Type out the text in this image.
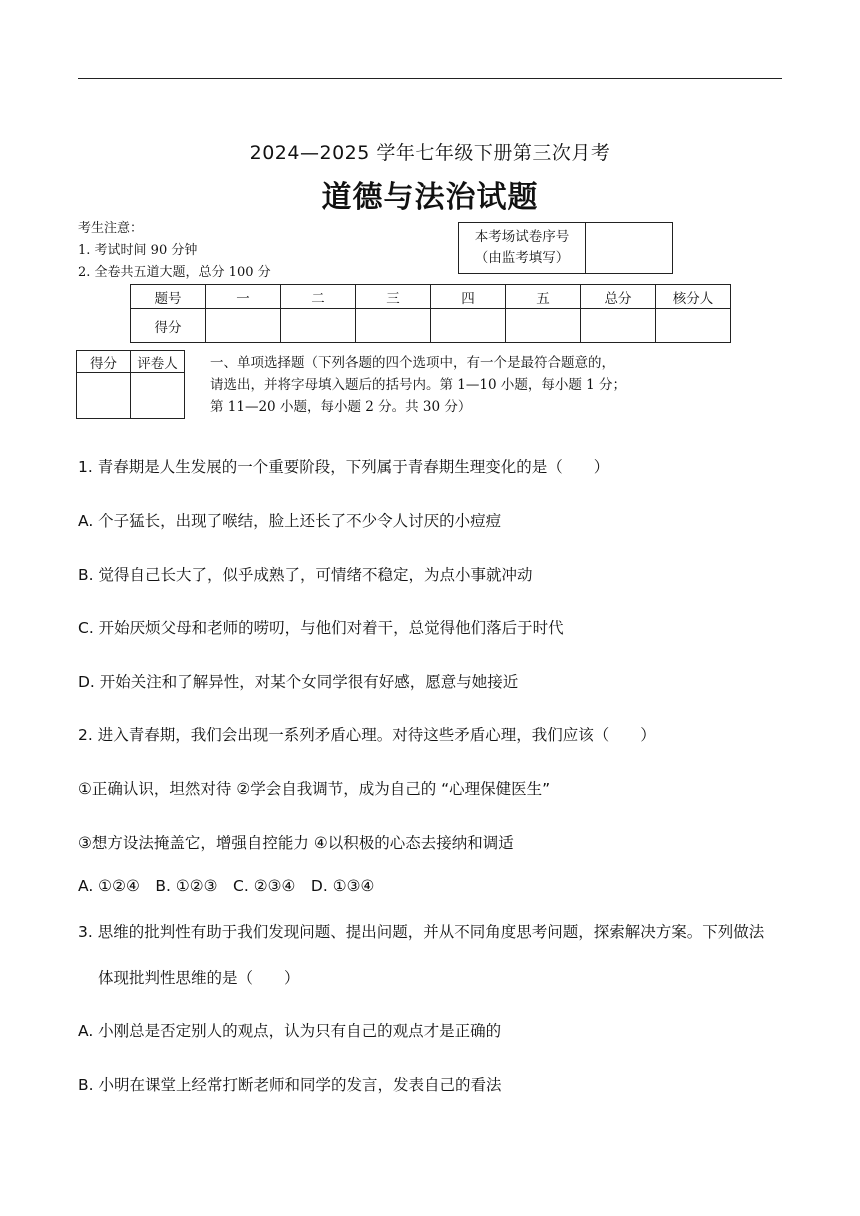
2024—2025 学年七年级下册第三次月考
道德与法治试题
考生注意：
1. 考试时间 90 分钟
2. 全卷共五道大题，总分 100 分
本考场试卷序号
（由监考填写）

题号	一	二	三	四	五	总分	核分人
得分							
得分	评卷人
	一、单项选择题（下列各题的四个选项中，有一个是最符合题意的，
请选出，并将字母填入题后的括号内。第 1—10 小题，每小题 1 分；
第 11—20 小题，每小题 2 分。共 30 分）
1. 青春期是人生发展的一个重要阶段，下列属于青春期生理变化的是（　　）
A. 个子猛长，出现了喉结，脸上还长了不少令人讨厌的小痘痘
B. 觉得自己长大了，似乎成熟了，可情绪不稳定，为点小事就冲动
C. 开始厌烦父母和老师的唠叨，与他们对着干，总觉得他们落后于时代
D. 开始关注和了解异性，对某个女同学很有好感，愿意与她接近
2. 进入青春期，我们会出现一系列矛盾心理。对待这些矛盾心理，我们应该（　　）
①正确认识，坦然对待 ②学会自我调节，成为自己的 “心理保健医生”
③想方设法掩盖它，增强自控能力 ④以积极的心态去接纳和调适
A. ①②④　B. ①②③　C. ②③④　D. ①③④
3. 思维的批判性有助于我们发现问题、提出问题，并从不同角度思考问题，探索解决方案。下列做法
体现批判性思维的是（　　）
A. 小刚总是否定别人的观点，认为只有自己的观点才是正确的
B. 小明在课堂上经常打断老师和同学的发言，发表自己的看法
